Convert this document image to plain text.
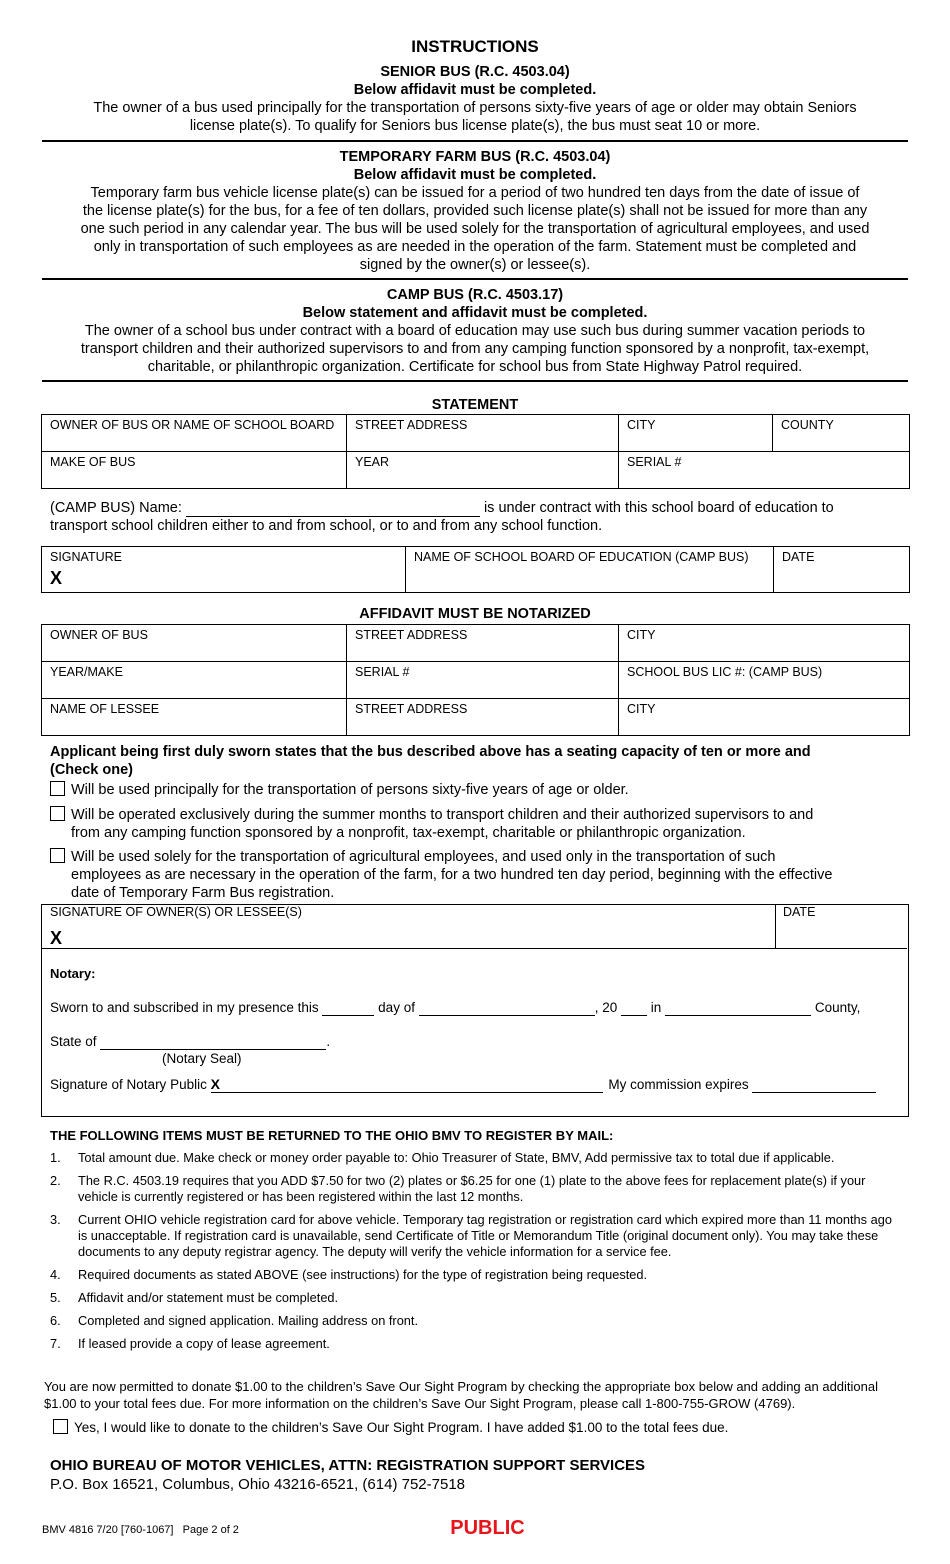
INSTRUCTIONS
SENIOR BUS (R.C. 4503.04)
Below affidavit must be completed.
The owner of a bus used principally for the transportation of persons sixty-five years of age or older may obtain Seniors
license plate(s). To qualify for Seniors bus license plate(s), the bus must seat 10 or more.
TEMPORARY FARM BUS (R.C. 4503.04)
Below affidavit must be completed.
Temporary farm bus vehicle license plate(s) can be issued for a period of two hundred ten days from the date of issue of
the license plate(s) for the bus, for a fee of ten dollars, provided such license plate(s) shall not be issued for more than any
one such period in any calendar year. The bus will be used solely for the transportation of agricultural employees, and used
only in transportation of such employees as are needed in the operation of the farm. Statement must be completed and
signed by the owner(s) or lessee(s).
CAMP BUS (R.C. 4503.17)
Below statement and affidavit must be completed.
The owner of a school bus under contract with a board of education may use such bus during summer vacation periods to
transport children and their authorized supervisors to and from any camping function sponsored by a nonprofit, tax-exempt,
charitable, or philanthropic organization. Certificate for school bus from State Highway Patrol required.
STATEMENT
OWNER OF BUS OR NAME OF SCHOOL BOARD	STREET ADDRESS	CITY	COUNTY
MAKE OF BUS	YEAR	SERIAL #	
(CAMP BUS) Name:	is under contract with this school board of education to
transport school children either to and from school, or to and from any school function.
SIGNATURE
X
	NAME OF SCHOOL BOARD OF EDUCATION (CAMP BUS)	DATE
AFFIDAVIT MUST BE NOTARIZED
OWNER OF BUS	STREET ADDRESS	CITY
YEAR/MAKE	SERIAL #	SCHOOL BUS LIC #: (CAMP BUS)
NAME OF LESSEE	STREET ADDRESS	CITY
Applicant being first duly sworn states that the bus described above has a seating capacity of ten or more and
(Check one)
Will be used principally for the transportation of persons sixty-five years of age or older.
Will be operated exclusively during the summer months to transport children and their authorized supervisors to and
from any camping function sponsored by a nonprofit, tax-exempt, charitable or philanthropic organization.
Will be used solely for the transportation of agricultural employees, and used only in the transportation of such
employees as are necessary in the operation of the farm, for a two hundred ten day period, beginning with the effective
date of Temporary Farm Bus registration.
SIGNATURE OF OWNER(S) OR LESSEE(S)
X
DATE
Notary:
Sworn to and subscribed in my presence this	day of	, 20 in	County,
State of	.
(Notary Seal)
Signature of Notary Public X	My commission expires
THE FOLLOWING ITEMS MUST BE RETURNED TO THE OHIO BMV TO REGISTER BY MAIL:
1. Total amount due. Make check or money order payable to: Ohio Treasurer of State, BMV, Add permissive tax to total due if applicable.
2. The R.C. 4503.19 requires that you ADD $7.50 for two (2) plates or $6.25 for one (1) plate to the above fees for replacement plate(s) if your vehicle is currently registered or has been registered within the last 12 months.
3. Current OHIO vehicle registration card for above vehicle. Temporary tag registration or registration card which expired more than 11 months ago is unacceptable. If registration card is unavailable, send Certificate of Title or Memorandum Title (original document only). You may take these documents to any deputy registrar agency. The deputy will verify the vehicle information for a service fee.
4. Required documents as stated ABOVE (see instructions) for the type of registration being requested.
5. Affidavit and/or statement must be completed.
6. Completed and signed application. Mailing address on front.
7. If leased provide a copy of lease agreement.
You are now permitted to donate $1.00 to the children’s Save Our Sight Program by checking the appropriate box below and adding an additional $1.00 to your total fees due. For more information on the children’s Save Our Sight Program, please call 1-800-755-GROW (4769).
Yes, I would like to donate to the children’s Save Our Sight Program. I have added $1.00 to the total fees due.
OHIO BUREAU OF MOTOR VEHICLES, ATTN: REGISTRATION SUPPORT SERVICES
P.O. Box 16521, Columbus, Ohio 43216-6521, (614) 752-7518
BMV 4816 7/20 [760-1067]   Page 2 of 2	PUBLIC
